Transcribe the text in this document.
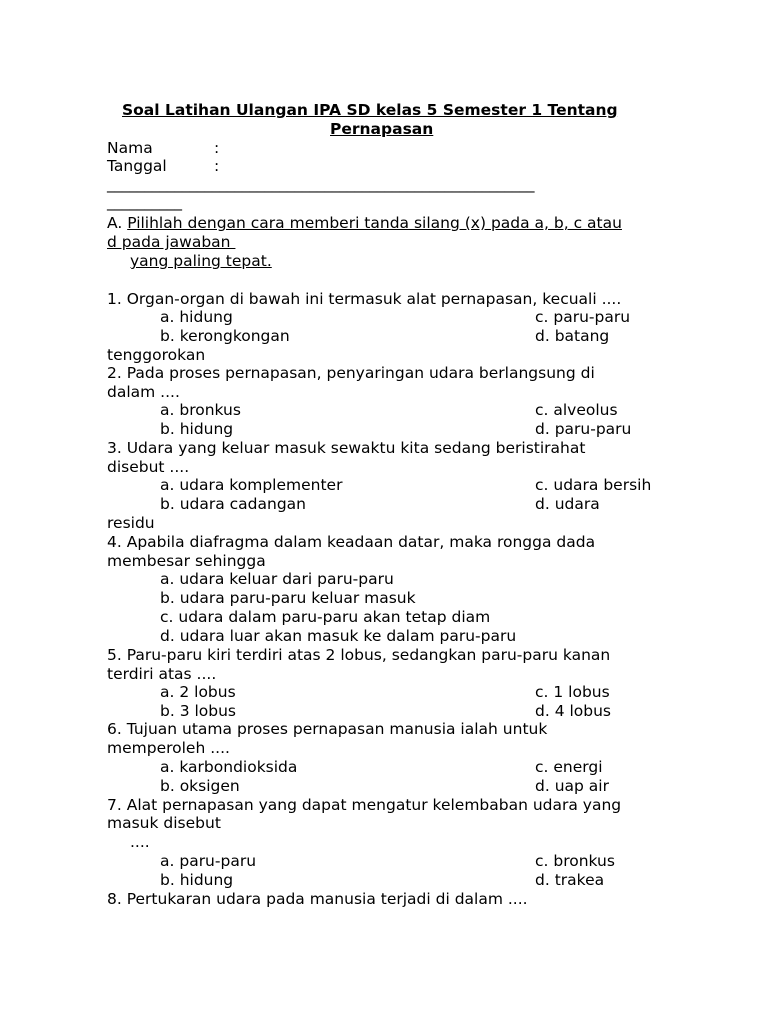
Soal Latihan Ulangan IPA SD kelas 5 Semester 1 Tentang
Pernapasan
Nama	:
Tanggal	:
_________________________________________________________
__________
A. Pilihlah dengan cara memberi tanda silang (x) pada a, b, c atau
d pada jawaban
yang paling tepat.
1. Organ-organ di bawah ini termasuk alat pernapasan, kecuali ....
a. hidung	c. paru-paru
b. kerongkongan	d. batang
tenggorokan
2. Pada proses pernapasan, penyaringan udara berlangsung di
dalam ....
a. bronkus	c. alveolus
b. hidung	d. paru-paru
3. Udara yang keluar masuk sewaktu kita sedang beristirahat
disebut ....
a. udara komplementer	c. udara bersih
b. udara cadangan	d. udara
residu
4. Apabila diafragma dalam keadaan datar, maka rongga dada
membesar sehingga
a. udara keluar dari paru-paru
b. udara paru-paru keluar masuk
c. udara dalam paru-paru akan tetap diam
d. udara luar akan masuk ke dalam paru-paru
5. Paru-paru kiri terdiri atas 2 lobus, sedangkan paru-paru kanan
terdiri atas ....
a. 2 lobus	c. 1 lobus
b. 3 lobus	d. 4 lobus
6. Tujuan utama proses pernapasan manusia ialah untuk
memperoleh ....
a. karbondioksida	c. energi
b. oksigen	d. uap air
7. Alat pernapasan yang dapat mengatur kelembaban udara yang
masuk disebut
....
a. paru-paru	c. bronkus
b. hidung	d. trakea
8. Pertukaran udara pada manusia terjadi di dalam ....
